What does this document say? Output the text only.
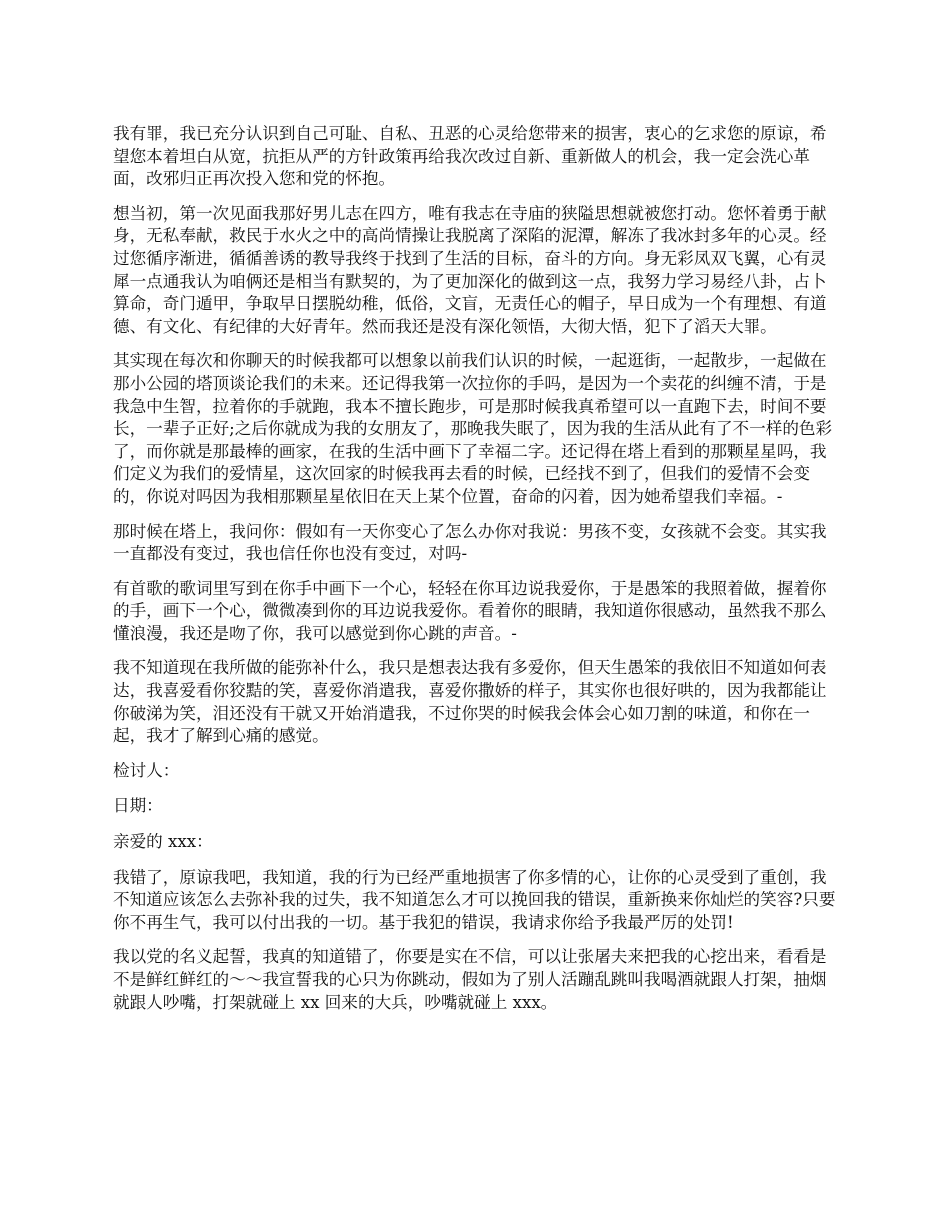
我有罪，我已充分认识到自己可耻、自私、丑恶的心灵给您带来的损害，衷心的乞求您的原谅，希望您本着坦白从宽，抗拒从严的方针政策再给我次改过自新、重新做人的机会，我一定会洗心革面，改邪归正再次投入您和党的怀抱。

想当初，第一次见面我那好男儿志在四方，唯有我志在寺庙的狭隘思想就被您打动。您怀着勇于献身，无私奉献，救民于水火之中的高尚情操让我脱离了深陷的泥潭，解冻了我冰封多年的心灵。经过您循序渐进，循循善诱的教导我终于找到了生活的目标，奋斗的方向。身无彩凤双飞翼，心有灵犀一点通我认为咱俩还是相当有默契的，为了更加深化的做到这一点，我努力学习易经八卦，占卜算命，奇门遁甲，争取早日摆脱幼稚，低俗，文盲，无责任心的帽子，早日成为一个有理想、有道德、有文化、有纪律的大好青年。然而我还是没有深化领悟，大彻大悟，犯下了滔天大罪。

其实现在每次和你聊天的时候我都可以想象以前我们认识的时候，一起逛街，一起散步，一起做在那小公园的塔顶谈论我们的未来。还记得我第一次拉你的手吗，是因为一个卖花的纠缠不清，于是我急中生智，拉着你的手就跑，我本不擅长跑步，可是那时候我真希望可以一直跑下去，时间不要长，一辈子正好;之后你就成为我的女朋友了，那晚我失眠了，因为我的生活从此有了不一样的色彩了，而你就是那最棒的画家，在我的生活中画下了幸福二字。还记得在塔上看到的那颗星星吗，我们定义为我们的爱情星，这次回家的时候我再去看的时候，已经找不到了，但我们的爱情不会变的，你说对吗因为我相那颗星星依旧在天上某个位置，奋命的闪着，因为她希望我们幸福。-

那时候在塔上，我问你：假如有一天你变心了怎么办你对我说：男孩不变，女孩就不会变。其实我一直都没有变过，我也信任你也没有变过，对吗-

有首歌的歌词里写到在你手中画下一个心，轻轻在你耳边说我爱你，于是愚笨的我照着做，握着你的手，画下一个心，微微凑到你的耳边说我爱你。看着你的眼睛，我知道你很感动，虽然我不那么懂浪漫，我还是吻了你，我可以感觉到你心跳的声音。-

我不知道现在我所做的能弥补什么，我只是想表达我有多爱你，但天生愚笨的我依旧不知道如何表达，我喜爱看你狡黠的笑，喜爱你消遣我，喜爱你撒娇的样子，其实你也很好哄的，因为我都能让你破涕为笑，泪还没有干就又开始消遣我，不过你哭的时候我会体会心如刀割的味道，和你在一起，我才了解到心痛的感觉。

检讨人：

日期：

亲爱的 xxx：

我错了，原谅我吧，我知道，我的行为已经严重地损害了你多情的心，让你的心灵受到了重创，我不知道应该怎么去弥补我的过失，我不知道怎么才可以挽回我的错误，重新换来你灿烂的笑容?只要你不再生气，我可以付出我的一切。基于我犯的错误，我请求你给予我最严厉的处罚!

我以党的名义起誓，我真的知道错了，你要是实在不信，可以让张屠夫来把我的心挖出来，看看是不是鲜红鲜红的～～我宣誓我的心只为你跳动，假如为了别人活蹦乱跳叫我喝酒就跟人打架，抽烟就跟人吵嘴，打架就碰上 xx 回来的大兵，吵嘴就碰上 xxx。
